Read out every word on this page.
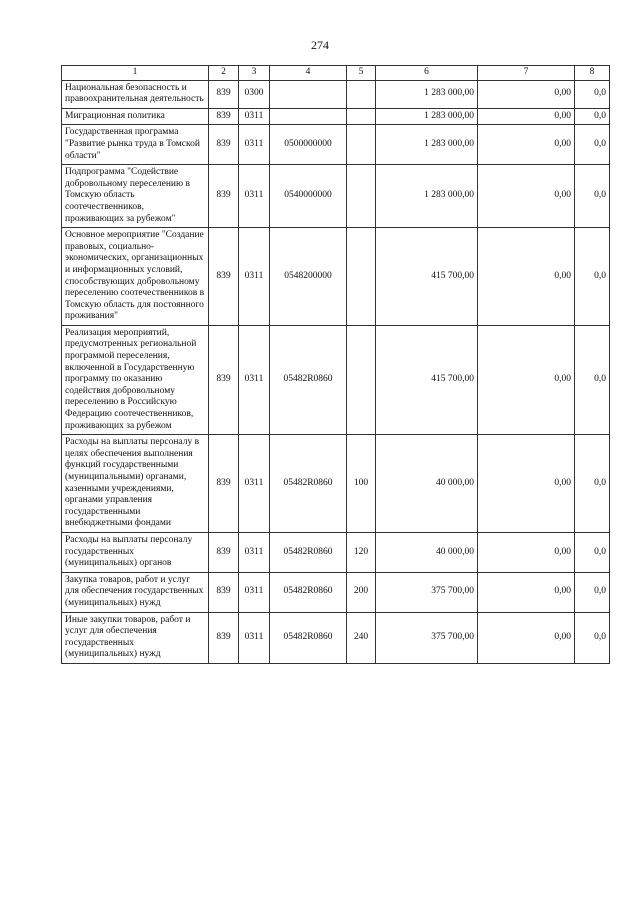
274
1	2	3	4	5	6	7	8
Национальная безопасность и правоохранительная деятельность	839	0300			1 283 000,00	0,00	0,0
Миграционная политика	839	0311			1 283 000,00	0,00	0,0
Государственная программа "Развитие рынка труда в Томской области"	839	0311	0500000000		1 283 000,00	0,00	0,0
Подпрограмма "Содействие добровольному переселению в Томскую область соотечественников, проживающих за рубежом"	839	0311	0540000000		1 283 000,00	0,00	0,0
Основное мероприятие "Создание правовых, социально-экономических, организационных и информационных условий, способствующих добровольному переселению соотечественников в Томскую область для постоянного проживания"	839	0311	0548200000		415 700,00	0,00	0,0
Реализация мероприятий, предусмотренных региональной программой переселения, включенной в Государственную программу по оказанию содействия добровольному переселению в Российскую Федерацию соотечественников, проживающих за рубежом	839	0311	05482R0860		415 700,00	0,00	0,0
Расходы на выплаты персоналу в целях обеспечения выполнения функций государственными (муниципальными) органами, казенными учреждениями, органами управления государственными внебюджетными фондами	839	0311	05482R0860	100	40 000,00	0,00	0,0
Расходы на выплаты персоналу государственных (муниципальных) органов	839	0311	05482R0860	120	40 000,00	0,00	0,0
Закупка товаров, работ и услуг для обеспечения государственных (муниципальных) нужд	839	0311	05482R0860	200	375 700,00	0,00	0,0
Иные закупки товаров, работ и услуг для обеспечения государственных (муниципальных) нужд	839	0311	05482R0860	240	375 700,00	0,00	0,0
